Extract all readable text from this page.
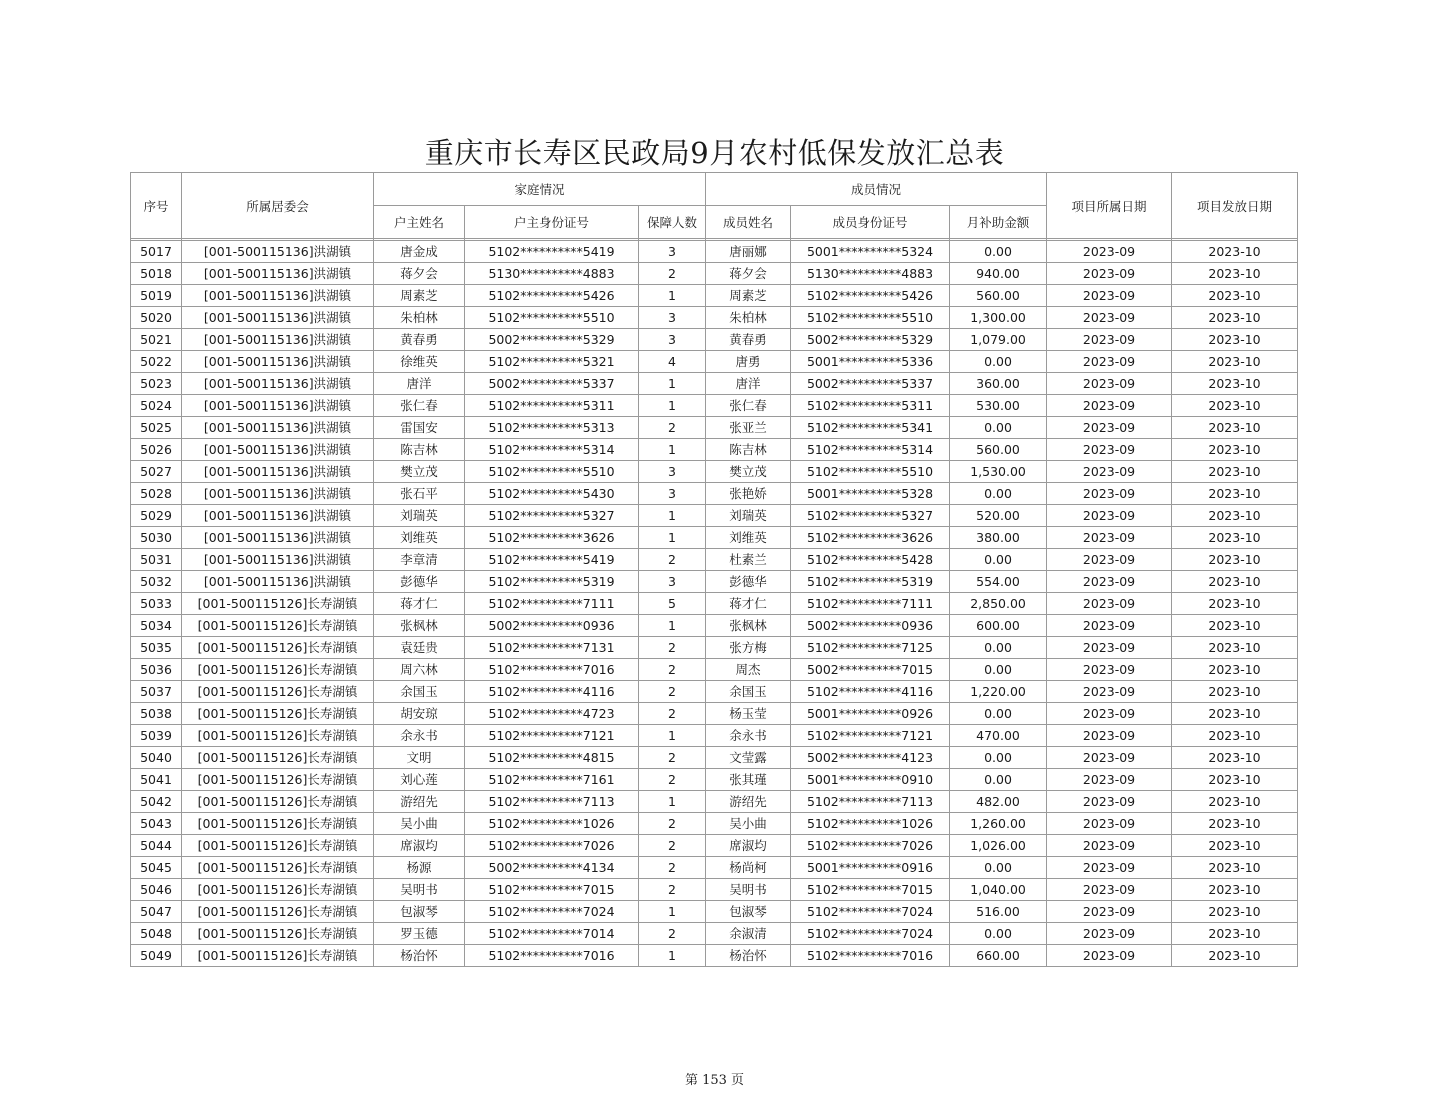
重庆市长寿区民政局9月农村低保发放汇总表
序号	所属居委会	家庭情况			成员情况			项目所属日期	项目发放日期
		户主姓名	户主身份证号	保障人数	成员姓名	成员身份证号	月补助金额		

5017	[001-500115136]洪湖镇	唐金成	5102**********5419	3	唐丽娜	5001**********5324	0.00	2023-09	2023-10
5018	[001-500115136]洪湖镇	蒋夕会	5130**********4883	2	蒋夕会	5130**********4883	940.00	2023-09	2023-10
5019	[001-500115136]洪湖镇	周素芝	5102**********5426	1	周素芝	5102**********5426	560.00	2023-09	2023-10
5020	[001-500115136]洪湖镇	朱柏林	5102**********5510	3	朱柏林	5102**********5510	1,300.00	2023-09	2023-10
5021	[001-500115136]洪湖镇	黄春勇	5002**********5329	3	黄春勇	5002**********5329	1,079.00	2023-09	2023-10
5022	[001-500115136]洪湖镇	徐维英	5102**********5321	4	唐勇	5001**********5336	0.00	2023-09	2023-10
5023	[001-500115136]洪湖镇	唐洋	5002**********5337	1	唐洋	5002**********5337	360.00	2023-09	2023-10
5024	[001-500115136]洪湖镇	张仁春	5102**********5311	1	张仁春	5102**********5311	530.00	2023-09	2023-10
5025	[001-500115136]洪湖镇	雷国安	5102**********5313	2	张亚兰	5102**********5341	0.00	2023-09	2023-10
5026	[001-500115136]洪湖镇	陈吉林	5102**********5314	1	陈吉林	5102**********5314	560.00	2023-09	2023-10
5027	[001-500115136]洪湖镇	樊立茂	5102**********5510	3	樊立茂	5102**********5510	1,530.00	2023-09	2023-10
5028	[001-500115136]洪湖镇	张石平	5102**********5430	3	张艳娇	5001**********5328	0.00	2023-09	2023-10
5029	[001-500115136]洪湖镇	刘瑞英	5102**********5327	1	刘瑞英	5102**********5327	520.00	2023-09	2023-10
5030	[001-500115136]洪湖镇	刘维英	5102**********3626	1	刘维英	5102**********3626	380.00	2023-09	2023-10
5031	[001-500115136]洪湖镇	李章清	5102**********5419	2	杜素兰	5102**********5428	0.00	2023-09	2023-10
5032	[001-500115136]洪湖镇	彭德华	5102**********5319	3	彭德华	5102**********5319	554.00	2023-09	2023-10
5033	[001-500115126]长寿湖镇	蒋才仁	5102**********7111	5	蒋才仁	5102**********7111	2,850.00	2023-09	2023-10
5034	[001-500115126]长寿湖镇	张枫林	5002**********0936	1	张枫林	5002**********0936	600.00	2023-09	2023-10
5035	[001-500115126]长寿湖镇	袁廷贵	5102**********7131	2	张方梅	5102**********7125	0.00	2023-09	2023-10
5036	[001-500115126]长寿湖镇	周六林	5102**********7016	2	周杰	5002**********7015	0.00	2023-09	2023-10
5037	[001-500115126]长寿湖镇	余国玉	5102**********4116	2	余国玉	5102**********4116	1,220.00	2023-09	2023-10
5038	[001-500115126]长寿湖镇	胡安琼	5102**********4723	2	杨玉莹	5001**********0926	0.00	2023-09	2023-10
5039	[001-500115126]长寿湖镇	余永书	5102**********7121	1	余永书	5102**********7121	470.00	2023-09	2023-10
5040	[001-500115126]长寿湖镇	文明	5102**********4815	2	文莹露	5002**********4123	0.00	2023-09	2023-10
5041	[001-500115126]长寿湖镇	刘心莲	5102**********7161	2	张其瑾	5001**********0910	0.00	2023-09	2023-10
5042	[001-500115126]长寿湖镇	游绍先	5102**********7113	1	游绍先	5102**********7113	482.00	2023-09	2023-10
5043	[001-500115126]长寿湖镇	吴小曲	5102**********1026	2	吴小曲	5102**********1026	1,260.00	2023-09	2023-10
5044	[001-500115126]长寿湖镇	席淑均	5102**********7026	2	席淑均	5102**********7026	1,026.00	2023-09	2023-10
5045	[001-500115126]长寿湖镇	杨源	5002**********4134	2	杨尚柯	5001**********0916	0.00	2023-09	2023-10
5046	[001-500115126]长寿湖镇	吴明书	5102**********7015	2	吴明书	5102**********7015	1,040.00	2023-09	2023-10
5047	[001-500115126]长寿湖镇	包淑琴	5102**********7024	1	包淑琴	5102**********7024	516.00	2023-09	2023-10
5048	[001-500115126]长寿湖镇	罗玉德	5102**********7014	2	余淑清	5102**********7024	0.00	2023-09	2023-10
5049	[001-500115126]长寿湖镇	杨治怀	5102**********7016	1	杨治怀	5102**********7016	660.00	2023-09	2023-10
第 153 页
